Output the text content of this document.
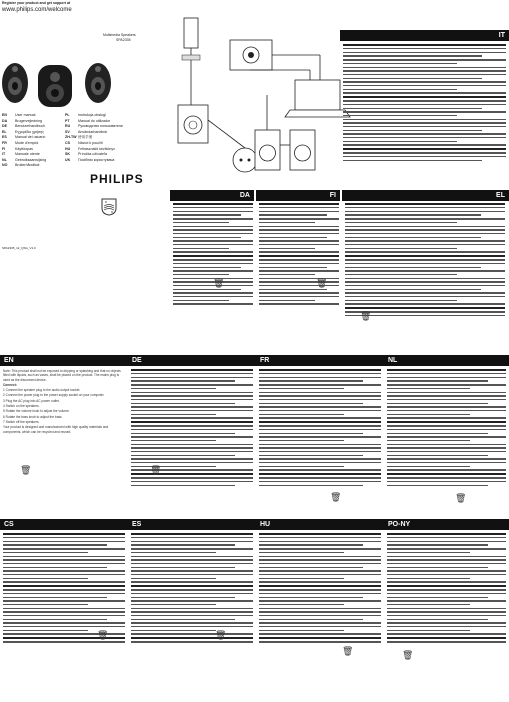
Register your product and get support at
www.philips.com/welcome
Multimedia Speakers
SPA2335
EN User manual
DA Brugervejledning
DE Benutzerhandbuch
EL Εγχειρίδιο χρήσης
ES Manual del usuario
FR Mode d'emploi
FI	Käyttöopas
IT	Manuale utente
NL Gebruiksaanwijzing
NO Brukerhåndbok
PL Instrukcja obsługi
PT Manual do utilizador
RU Руководство пользователя
SV Användarhandbok
ZH-TW使用手冊
CS Návod k použití
HU Felhasználói kézikönyv
SK Príručka užívateľa
UK Посібник користувача
PHILIPS
SPA2335_12_QSG_V1.0
IT
DA	FI	EL
EN	DE	FR	NL

Note: This product shall not be exposed to dripping or splashing and that no objects filled with liquids, such as vases, shall be placed on the product. The mains plug is used as the disconnect device.

Connect:

1 Connect the speaker plug to the audio output socket.

2 Connect the power plug to the power supply socket on your computer.

3 Plug the AC plug into AC power outlet.

4 Switch on the speakers.

5 Rotate the volume knob to adjust the volume.

6 Rotate the bass knob to adjust the bass.

7 Switch off the speakers.

Your product is designed and manufactured with high quality materials and components, which can be recycled and reused.

CS	ES	HU	PO-NY
🗑	🗑
🗑
🗑	🗑
🗑	🗑
🗑	🗑
🗑	🗑
